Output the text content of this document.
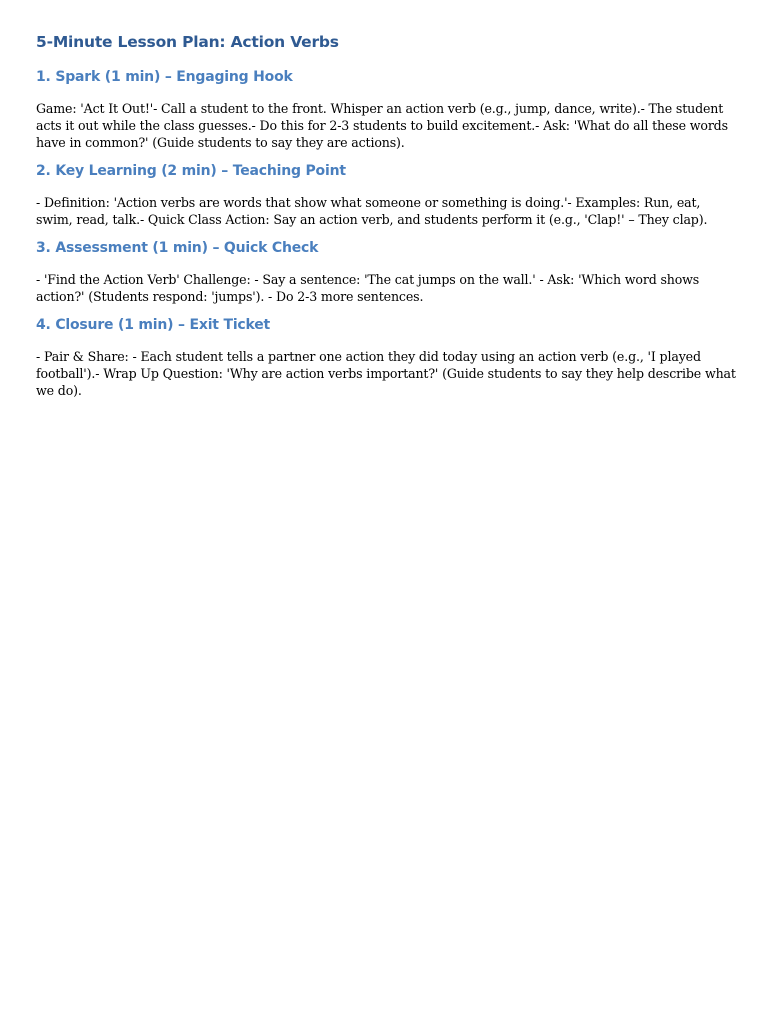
5-Minute Lesson Plan: Action Verbs
1. Spark (1 min) – Engaging Hook
Game: 'Act It Out!'- Call a student to the front. Whisper an action verb (e.g., jump, dance, write).- The student acts it out while the class guesses.- Do this for 2-3 students to build excitement.- Ask: 'What do all these words have in common?' (Guide students to say they are actions).
2. Key Learning (2 min) – Teaching Point
- Definition: 'Action verbs are words that show what someone or something is doing.'- Examples: Run, eat, swim, read, talk.- Quick Class Action: Say an action verb, and students perform it (e.g., 'Clap!' – They clap).
3. Assessment (1 min) – Quick Check
- 'Find the Action Verb' Challenge: - Say a sentence: 'The cat jumps on the wall.' - Ask: 'Which word shows action?' (Students respond: 'jumps'). - Do 2-3 more sentences.
4. Closure (1 min) – Exit Ticket
- Pair & Share: - Each student tells a partner one action they did today using an action verb (e.g., 'I played football').- Wrap Up Question: 'Why are action verbs important?' (Guide students to say they help describe what we do).
